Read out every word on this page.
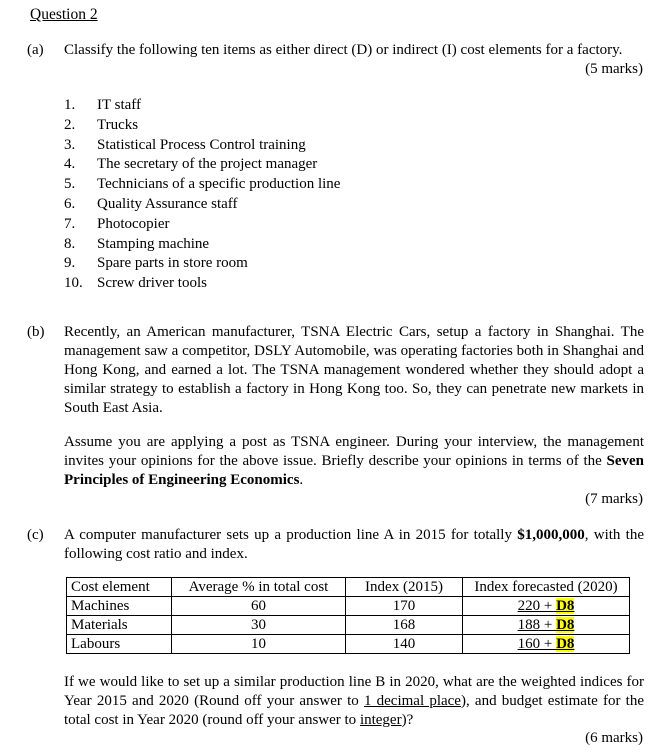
Question 2
(a) Classify the following ten items as either direct (D) or indirect (I) cost elements for a factory.
(5 marks)
1.	IT staff
2.	Trucks
3.	Statistical Process Control training
4.	The secretary of the project manager
5.	Technicians of a specific production line
6.	Quality Assurance staff
7.	Photocopier
8.	Stamping machine
9.	Spare parts in store room
10. Screw driver tools
(b) Recently, an American manufacturer, TSNA Electric Cars, setup a factory in Shanghai. The management saw a competitor, DSLY Automobile, was operating factories both in Shanghai and Hong Kong, and earned a lot. The TSNA management wondered whether they should adopt a similar strategy to establish a factory in Hong Kong too. So, they can penetrate new markets in South East Asia.
Assume you are applying a post as TSNA engineer. During your interview, the management invites your opinions for the above issue. Briefly describe your opinions in terms of the Seven Principles of Engineering Economics.
(7 marks)
(c) A computer manufacturer sets up a production line A in 2015 for totally $1,000,000, with the following cost ratio and index.
Cost element	Average % in total cost	Index (2015)	Index forecasted (2020)
Machines	60	170	220 + D8
Materials	30	168	188 + D8
Labours	10	140	160 + D8
If we would like to set up a similar production line B in 2020, what are the weighted indices for Year 2015 and 2020 (Round off your answer to 1 decimal place), and budget estimate for the total cost in Year 2020 (round off your answer to integer)?
(6 marks)
